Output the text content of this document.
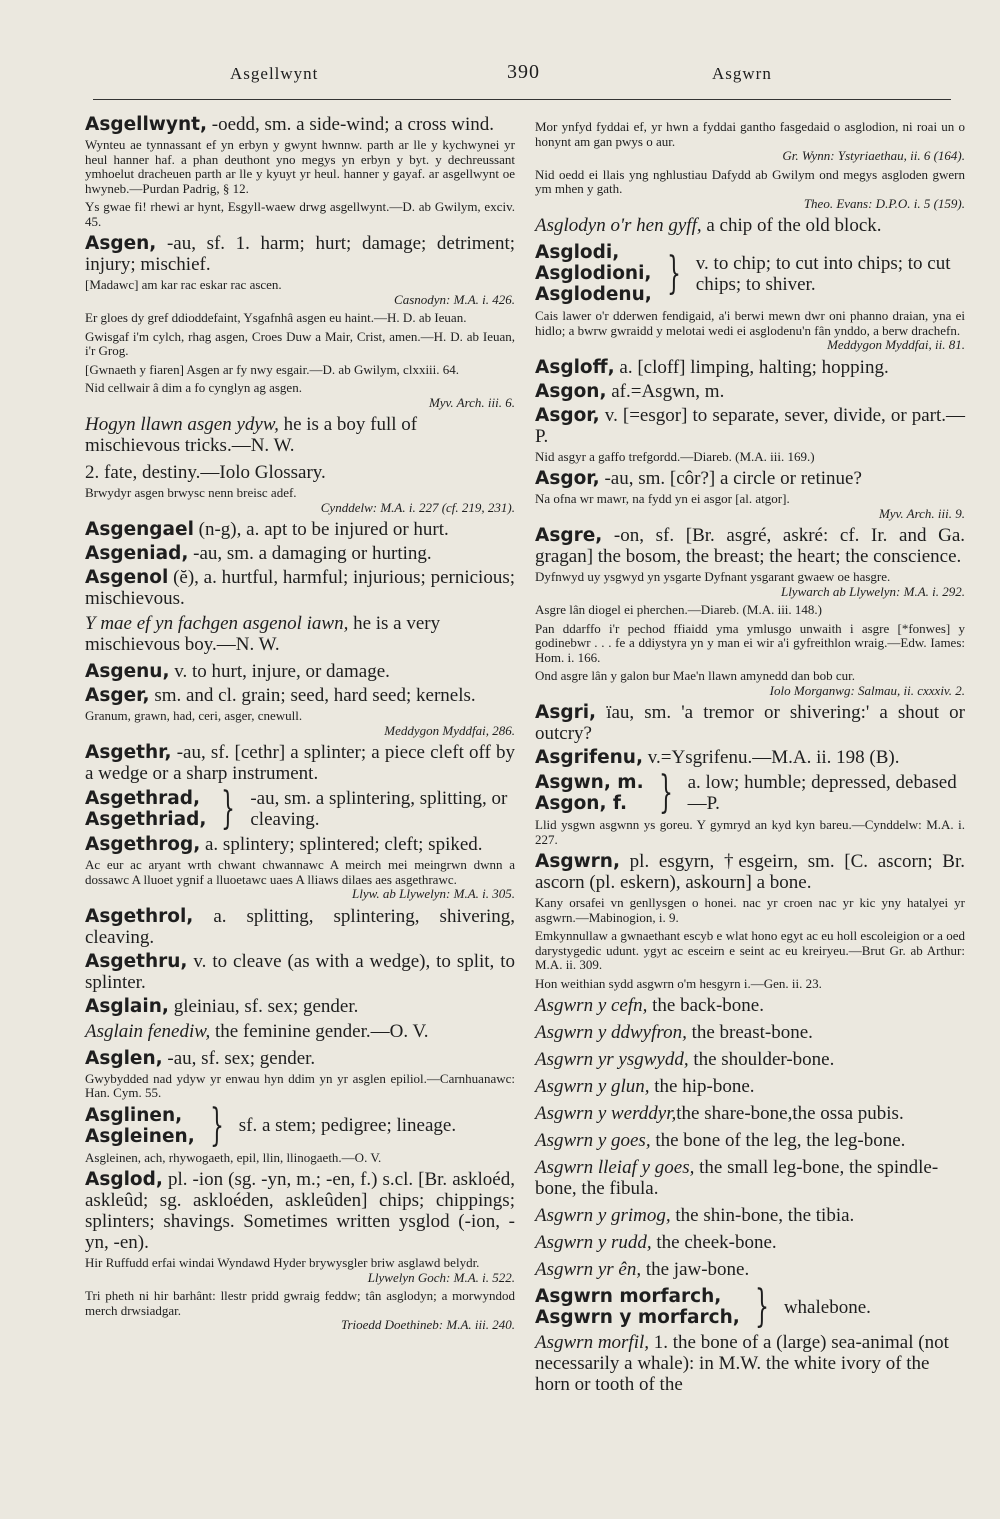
Asgellwynt	390	Asgwrn
Asgellwynt, -oedd, sm. a side-wind; a cross wind.
Wynteu ae tynnassant ef yn erbyn y gwynt hwnnw. parth ar lle y kychwynei yr heul hanner haf. a phan deuthont yno megys yn erbyn y byt. y dechreussant ymhoelut dracheuen parth ar lle y kyuyt yr heul. hanner y gayaf. ar asgellwynt oe hwyneb.—Purdan Padrig, § 12.
Ys gwae fi! rhewi ar hynt, Esgyll-waew drwg asgellwynt.—D. ab Gwilym, exciv. 45.
Asgen, -au, sf. 1. harm; hurt; damage; detriment; injury; mischief.
[Madawc] am kar rac eskar rac ascen.
Casnodyn: M.A. i. 426.
Er gloes dy gref ddioddefaint, Ysgafnhâ asgen eu haint.—H. D. ab Ieuan.
Gwisgaf i'm cylch, rhag asgen, Croes Duw a Mair, Crist, amen.—H. D. ab Ieuan, i'r Grog.
[Gwnaeth y fiaren] Asgen ar fy nwy esgair.—D. ab Gwilym, clxxiii. 64.
Nid cellwair â dim a fo cynglyn ag asgen.
Myv. Arch. iii. 6.
Hogyn llawn asgen ydyw, he is a boy full of mischievous tricks.—N. W.
2. fate, destiny.—Iolo Glossary.
Brwydyr asgen brwysc nenn breisc adef.
Cynddelw: M.A. i. 227 (cf. 219, 231).
Asgengael (n-g), a. apt to be injured or hurt.
Asgeniad, -au, sm. a damaging or hurting.
Asgenol (ĕ), a. hurtful, harmful; injurious; pernicious; mischievous.
Y mae ef yn fachgen asgenol iawn, he is a very mischievous boy.—N. W.
Asgenu, v. to hurt, injure, or damage.
Asger, sm. and cl. grain; seed, hard seed; kernels.
Granum, grawn, had, ceri, asger, cnewull.
Meddygon Myddfai, 286.
Asgethr, -au, sf. [cethr] a splinter; a piece cleft off by a wedge or a sharp instrument.
Asgethrad,
Asgethriad, } -au, sm. a splintering, splitting, or cleaving.
Asgethrog, a. splintery; splintered; cleft; spiked.
Ac eur ac aryant wrth chwant chwannawc A meirch mei meingrwn dwnn a dossawc A lluoet ygnif a lluoetawc uaes A lliaws dilaes aes asgethrawc.
Llyw. ab Llywelyn: M.A. i. 305.
Asgethrol, a. splitting, splintering, shivering, cleaving.
Asgethru, v. to cleave (as with a wedge), to split, to splinter.
Asglain, gleiniau, sf. sex; gender.
Asglain fenediw, the feminine gender.—O. V.
Asglen, -au, sf. sex; gender.
Gwybydded nad ydyw yr enwau hyn ddim yn yr asglen epiliol.—Carnhuanawc: Han. Cym. 55.
Asglinen,
Asgleinen, } sf. a stem; pedigree; lineage.
Asgleinen, ach, rhywogaeth, epil, llin, llinogaeth.—O. V.
Asglod, pl. -ion (sg. -yn, m.; -en, f.) s.cl. [Br. askloéd, askleûd; sg. askloéden, askleûden] chips; chippings; splinters; shavings. Sometimes written ysglod (-ion, -yn, -en).
Hir Ruffudd erfai windai Wyndawd Hyder brywysgler briw asglawd belydr.
Llywelyn Goch: M.A. i. 522.
Tri pheth ni hir barhânt: llestr pridd gwraig feddw; tân asglodyn; a morwyndod merch drwsiadgar.
Trioedd Doethineb: M.A. iii. 240.
Mor ynfyd fyddai ef, yr hwn a fyddai gantho fasgedaid o asglodion, ni roai un o honynt am gan pwys o aur.
Gr. Wynn: Ystyriaethau, ii. 6 (164).
Nid oedd ei llais yng nghlustiau Dafydd ab Gwilym ond megys asgloden gwern ym mhen y gath.
Theo. Evans: D.P.O. i. 5 (159).
Asglodyn o'r hen gyff, a chip of the old block.
Asglodi,
Asglodioni,
Asglodenu, } v. to chip; to cut into chips; to cut chips; to shiver.
Cais lawer o'r dderwen fendigaid, a'i berwi mewn dwr oni phanno draian, yna ei hidlo; a bwrw gwraidd y melotai wedi ei asglodenu'n fân ynddo, a berw drachefn.
Meddygon Myddfai, ii. 81.
Asgloff, a. [cloff] limping, halting; hopping.
Asgon, af.=Asgwn, m.
Asgor, v. [=esgor] to separate, sever, divide, or part.—P.
Nid asgyr a gaffo trefgordd.—Diareb. (M.A. iii. 169.)
Asgor, -au, sm. [côr?] a circle or retinue?
Na ofna wr mawr, na fydd yn ei asgor [al. atgor].
Myv. Arch. iii. 9.
Asgre, -on, sf. [Br. asgré, askré: cf. Ir. and Ga. gragan] the bosom, the breast; the heart; the conscience.
Dyfnwyd uy ysgwyd yn ysgarte Dyfnant ysgarant gwaew oe hasgre.
Llywarch ab Llywelyn: M.A. i. 292.
Asgre lân diogel ei pherchen.—Diareb. (M.A. iii. 148.)
Pan ddarffo i'r pechod ffiaidd yma ymlusgo unwaith i asgre [*fonwes] y godinebwr . . . fe a ddiystyra yn y man ei wir a'i gyfreithlon wraig.—Edw. Iames: Hom. i. 166.
Ond asgre lân y galon bur Mae'n llawn amynedd dan bob cur.
Iolo Morganwg: Salmau, ii. cxxxiv. 2.
Asgri, ïau, sm. 'a tremor or shivering:' a shout or outcry?
Asgrifenu, v.=Ysgrifenu.—M.A. ii. 198 (B).
Asgwn, m.
Asgon, f. } a. low; humble; depressed, debased—P.
Llid ysgwn asgwnn ys goreu. Y gymryd an kyd kyn bareu.—Cynddelw: M.A. i. 227.
Asgwrn, pl. esgyrn, †esgeirn, sm. [C. ascorn; Br. ascorn (pl. eskern), askourn] a bone.
Kany orsafei vn genllysgen o honei. nac yr croen nac yr kic yny hatalyei yr asgwrn.—Mabinogion, i. 9.
Emkynnullaw a gwnaethant escyb e wlat hono egyt ac eu holl escoleigion or a oed darystygedic udunt. ygyt ac esceirn e seint ac eu kreiryeu.—Brut Gr. ab Arthur: M.A. ii. 309.
Hon weithian sydd asgwrn o'm hesgyrn i.—Gen. ii. 23.
Asgwrn y cefn, the back-bone.
Asgwrn y ddwyfron, the breast-bone.
Asgwrn yr ysgwydd, the shoulder-bone.
Asgwrn y glun, the hip-bone.
Asgwrn y werddyr,the share-bone,the ossa pubis.
Asgwrn y goes, the bone of the leg, the leg-bone.
Asgwrn lleiaf y goes, the small leg-bone, the spindle-bone, the fibula.
Asgwrn y grimog, the shin-bone, the tibia.
Asgwrn y rudd, the cheek-bone.
Asgwrn yr ên, the jaw-bone.
Asgwrn morfarch,
Asgwrn y morfarch, } whalebone.
Asgwrn morfil, 1. the bone of a (large) sea-animal (not necessarily a whale): in M.W. the white ivory of the horn or tooth of the
